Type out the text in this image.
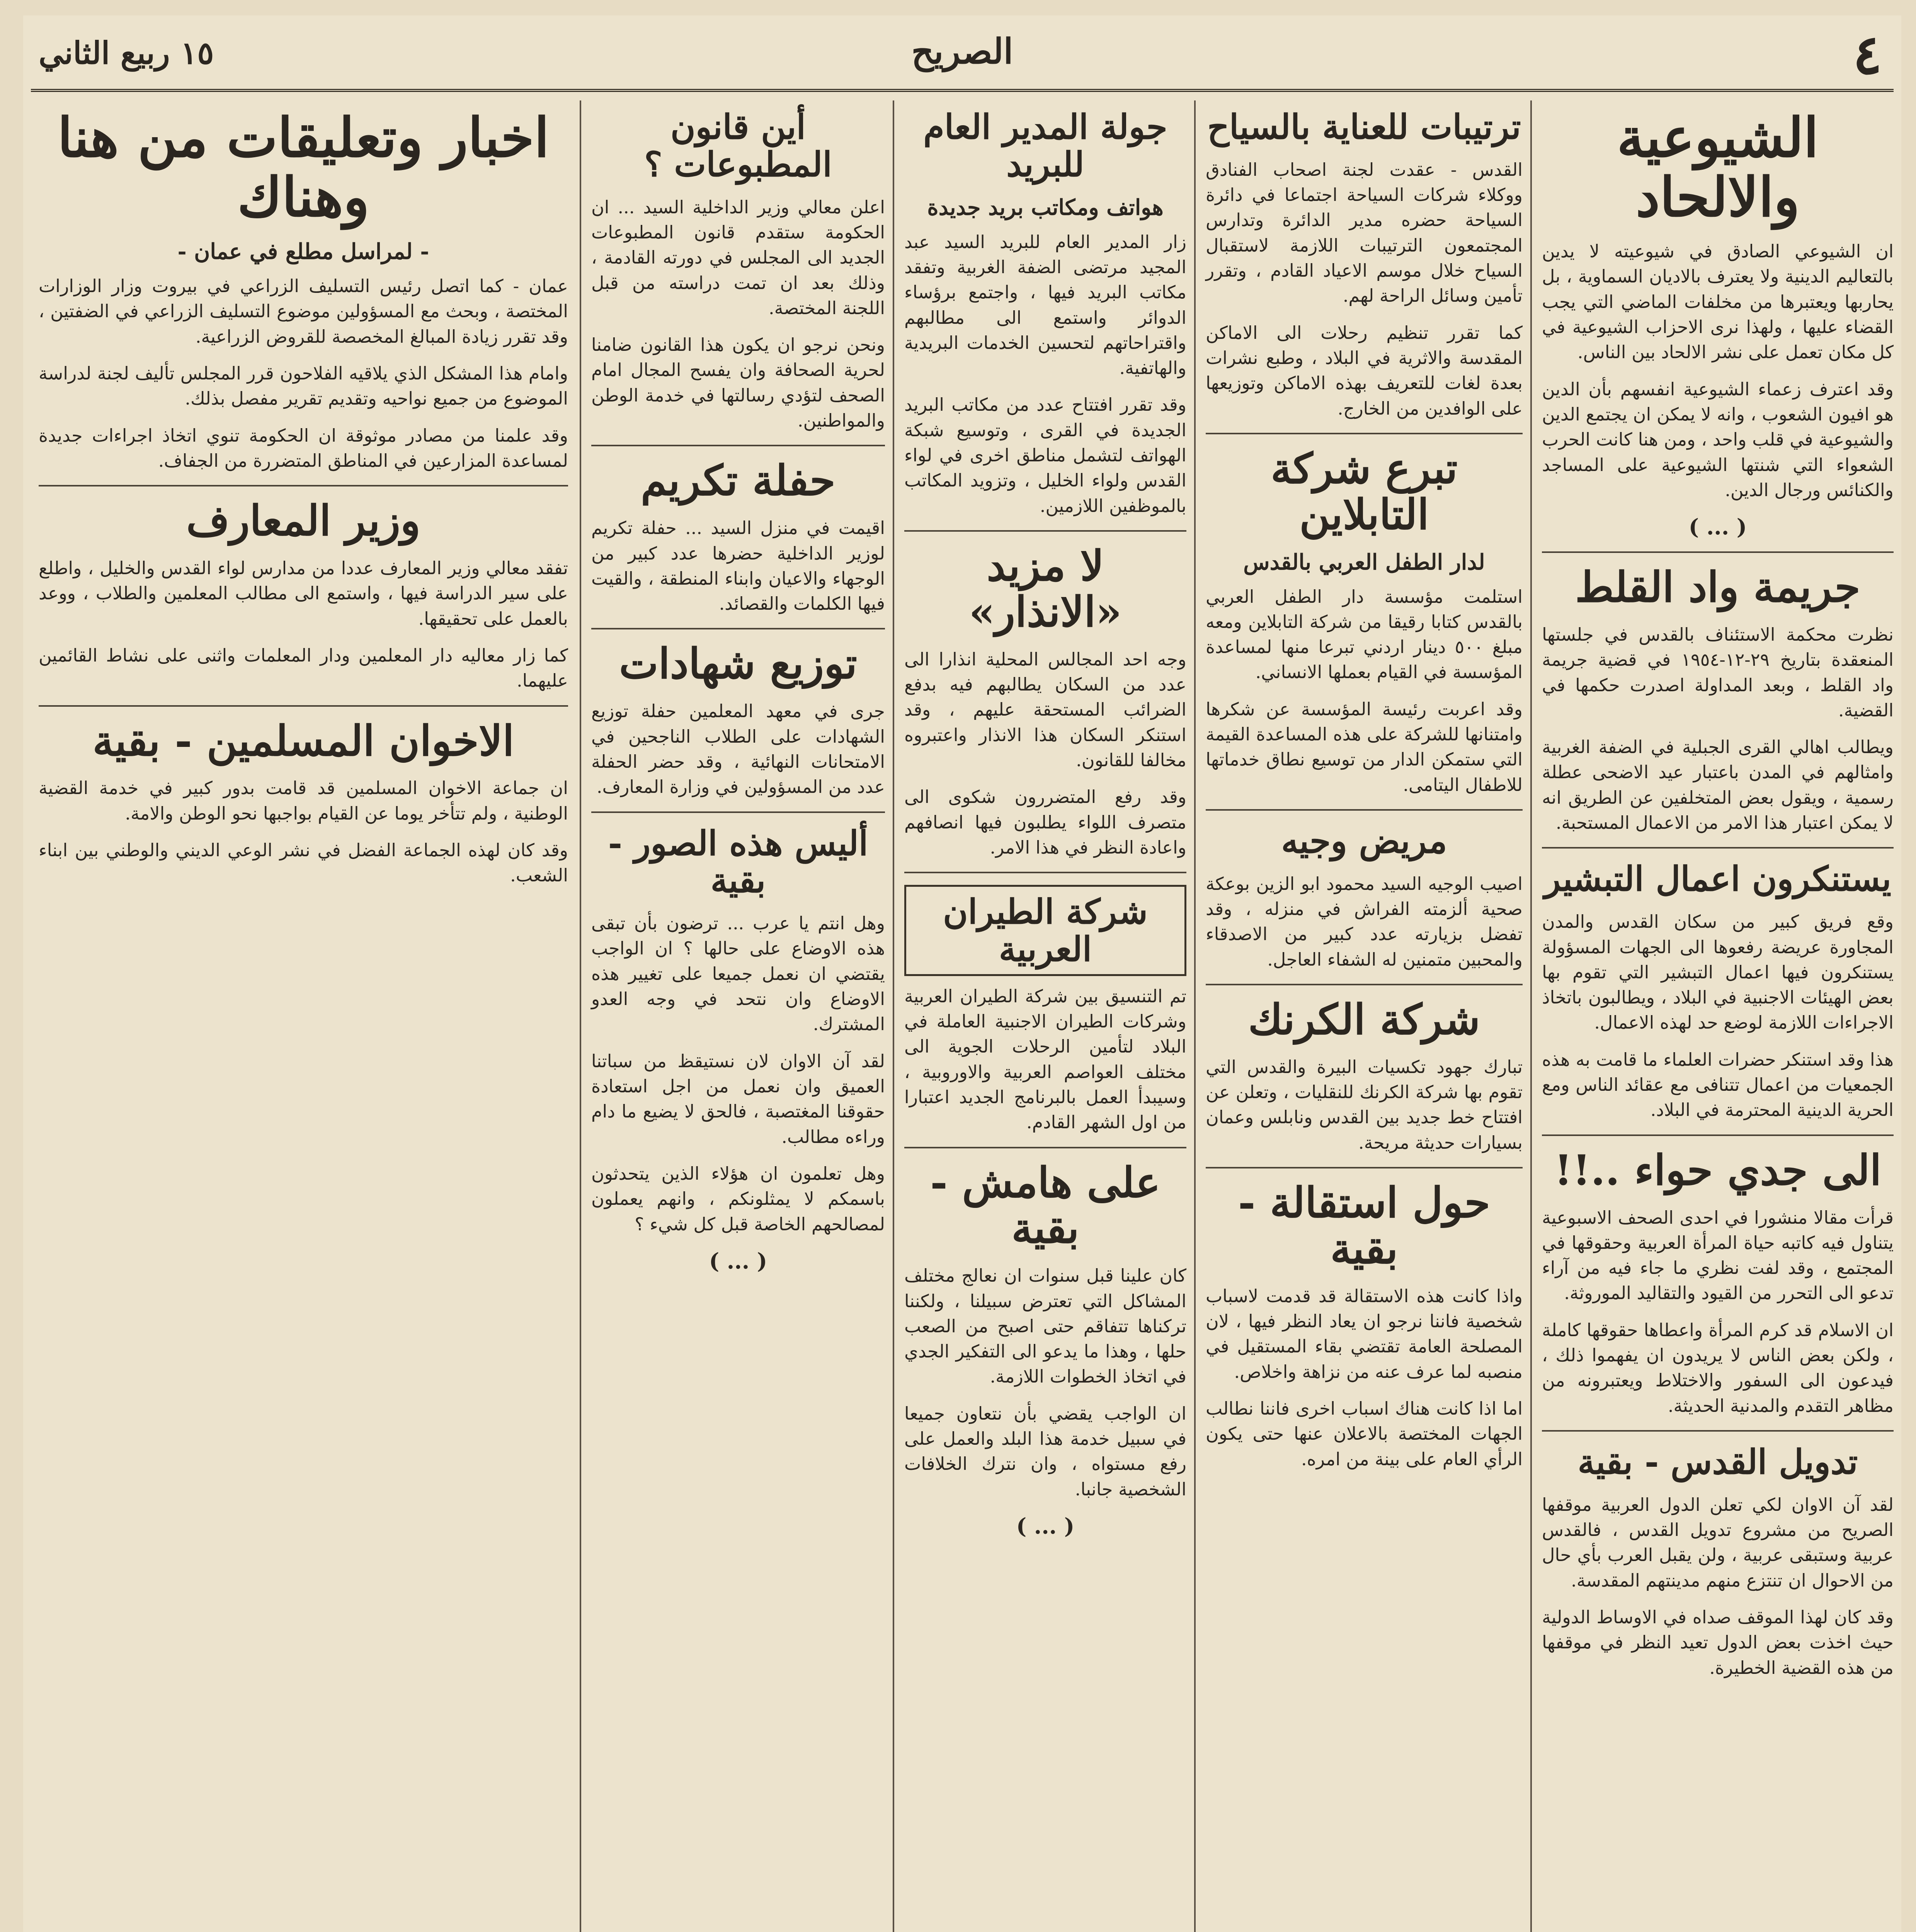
٤
الصريح
١٥ ربيع الثاني
الشيوعية والالحاد

ان الشيوعي الصادق في شيوعيته لا يدين بالتعاليم الدينية ولا يعترف بالاديان السماوية ، بل يحاربها ويعتبرها من مخلفات الماضي التي يجب القضاء عليها ، ولهذا نرى الاحزاب الشيوعية في كل مكان تعمل على نشر الالحاد بين الناس.

وقد اعترف زعماء الشيوعية انفسهم بأن الدين هو افيون الشعوب ، وانه لا يمكن ان يجتمع الدين والشيوعية في قلب واحد ، ومن هنا كانت الحرب الشعواء التي شنتها الشيوعية على المساجد والكنائس ورجال الدين.

( ... )
جريمة واد القلط

نظرت محكمة الاستئناف بالقدس في جلستها المنعقدة بتاريخ ٢٩-١٢-١٩٥٤ في قضية جريمة واد القلط ، وبعد المداولة اصدرت حكمها في القضية.

ويطالب اهالي القرى الجبلية في الضفة الغربية وامثالهم في المدن باعتبار عيد الاضحى عطلة رسمية ، ويقول بعض المتخلفين عن الطريق انه لا يمكن اعتبار هذا الامر من الاعمال المستحبة.

يستنكرون اعمال التبشير

وقع فريق كبير من سكان القدس والمدن المجاورة عريضة رفعوها الى الجهات المسؤولة يستنكرون فيها اعمال التبشير التي تقوم بها بعض الهيئات الاجنبية في البلاد ، ويطالبون باتخاذ الاجراءات اللازمة لوضع حد لهذه الاعمال.

هذا وقد استنكر حضرات العلماء ما قامت به هذه الجمعيات من اعمال تتنافى مع عقائد الناس ومع الحرية الدينية المحترمة في البلاد.

الى جدي حواء ..!!

قرأت مقالا منشورا في احدى الصحف الاسبوعية يتناول فيه كاتبه حياة المرأة العربية وحقوقها في المجتمع ، وقد لفت نظري ما جاء فيه من آراء تدعو الى التحرر من القيود والتقاليد الموروثة.

ان الاسلام قد كرم المرأة واعطاها حقوقها كاملة ، ولكن بعض الناس لا يريدون ان يفهموا ذلك ، فيدعون الى السفور والاختلاط ويعتبرونه من مظاهر التقدم والمدنية الحديثة.

تدويل القدس - بقية

لقد آن الاوان لكي تعلن الدول العربية موقفها الصريح من مشروع تدويل القدس ، فالقدس عربية وستبقى عربية ، ولن يقبل العرب بأي حال من الاحوال ان تنتزع منهم مدينتهم المقدسة.

وقد كان لهذا الموقف صداه في الاوساط الدولية حيث اخذت بعض الدول تعيد النظر في موقفها من هذه القضية الخطيرة.

ترتيبات للعناية بالسياح

القدس - عقدت لجنة اصحاب الفنادق ووكلاء شركات السياحة اجتماعا في دائرة السياحة حضره مدير الدائرة وتدارس المجتمعون الترتيبات اللازمة لاستقبال السياح خلال موسم الاعياد القادم ، وتقرر تأمين وسائل الراحة لهم.

كما تقرر تنظيم رحلات الى الاماكن المقدسة والاثرية في البلاد ، وطبع نشرات بعدة لغات للتعريف بهذه الاماكن وتوزيعها على الوافدين من الخارج.

تبرع شركة التابلاين
لدار الطفل العربي بالقدس

استلمت مؤسسة دار الطفل العربي بالقدس كتابا رقيقا من شركة التابلاين ومعه مبلغ ٥٠٠ دينار اردني تبرعا منها لمساعدة المؤسسة في القيام بعملها الانساني.

وقد اعربت رئيسة المؤسسة عن شكرها وامتنانها للشركة على هذه المساعدة القيمة التي ستمكن الدار من توسيع نطاق خدماتها للاطفال اليتامى.

مريض وجيه

اصيب الوجيه السيد محمود ابو الزين بوعكة صحية ألزمته الفراش في منزله ، وقد تفضل بزيارته عدد كبير من الاصدقاء والمحبين متمنين له الشفاء العاجل.

شركة الكرنك

تبارك جهود تكسيات البيرة والقدس التي تقوم بها شركة الكرنك للنقليات ، وتعلن عن افتتاح خط جديد بين القدس ونابلس وعمان بسيارات حديثة مريحة.

حول استقالة - بقية

واذا كانت هذه الاستقالة قد قدمت لاسباب شخصية فاننا نرجو ان يعاد النظر فيها ، لان المصلحة العامة تقتضي بقاء المستقيل في منصبه لما عرف عنه من نزاهة واخلاص.

اما اذا كانت هناك اسباب اخرى فاننا نطالب الجهات المختصة بالاعلان عنها حتى يكون الرأي العام على بينة من امره.

جولة المدير العام للبريد
هواتف ومكاتب بريد جديدة

زار المدير العام للبريد السيد عبد المجيد مرتضى الضفة الغربية وتفقد مكاتب البريد فيها ، واجتمع برؤساء الدوائر واستمع الى مطالبهم واقتراحاتهم لتحسين الخدمات البريدية والهاتفية.

وقد تقرر افتتاح عدد من مكاتب البريد الجديدة في القرى ، وتوسيع شبكة الهواتف لتشمل مناطق اخرى في لواء القدس ولواء الخليل ، وتزويد المكاتب بالموظفين اللازمين.

لا مزيد «الانذار»

وجه احد المجالس المحلية انذارا الى عدد من السكان يطالبهم فيه بدفع الضرائب المستحقة عليهم ، وقد استنكر السكان هذا الانذار واعتبروه مخالفا للقانون.

وقد رفع المتضررون شكوى الى متصرف اللواء يطلبون فيها انصافهم واعادة النظر في هذا الامر.

شركة الطيران العربية

تم التنسيق بين شركة الطيران العربية وشركات الطيران الاجنبية العاملة في البلاد لتأمين الرحلات الجوية الى مختلف العواصم العربية والاوروبية ، وسيبدأ العمل بالبرنامج الجديد اعتبارا من اول الشهر القادم.

على هامش - بقية

كان علينا قبل سنوات ان نعالج مختلف المشاكل التي تعترض سبيلنا ، ولكننا تركناها تتفاقم حتى اصبح من الصعب حلها ، وهذا ما يدعو الى التفكير الجدي في اتخاذ الخطوات اللازمة.

ان الواجب يقضي بأن نتعاون جميعا في سبيل خدمة هذا البلد والعمل على رفع مستواه ، وان نترك الخلافات الشخصية جانبا.

( ... )
أين قانون المطبوعات ؟

اعلن معالي وزير الداخلية السيد ... ان الحكومة ستقدم قانون المطبوعات الجديد الى المجلس في دورته القادمة ، وذلك بعد ان تمت دراسته من قبل اللجنة المختصة.

ونحن نرجو ان يكون هذا القانون ضامنا لحرية الصحافة وان يفسح المجال امام الصحف لتؤدي رسالتها في خدمة الوطن والمواطنين.

حفلة تكريم

اقيمت في منزل السيد ... حفلة تكريم لوزير الداخلية حضرها عدد كبير من الوجهاء والاعيان وابناء المنطقة ، والقيت فيها الكلمات والقصائد.

توزيع شهادات

جرى في معهد المعلمين حفلة توزيع الشهادات على الطلاب الناجحين في الامتحانات النهائية ، وقد حضر الحفلة عدد من المسؤولين في وزارة المعارف.

أليس هذه الصور - بقية

وهل انتم يا عرب ... ترضون بأن تبقى هذه الاوضاع على حالها ؟ ان الواجب يقتضي ان نعمل جميعا على تغيير هذه الاوضاع وان نتحد في وجه العدو المشترك.

لقد آن الاوان لان نستيقظ من سباتنا العميق وان نعمل من اجل استعادة حقوقنا المغتصبة ، فالحق لا يضيع ما دام وراءه مطالب.

وهل تعلمون ان هؤلاء الذين يتحدثون باسمكم لا يمثلونكم ، وانهم يعملون لمصالحهم الخاصة قبل كل شيء ؟

( ... )
اخبار وتعليقات من هنا وهناك
- لمراسل مطلع في عمان -

عمان - كما اتصل رئيس التسليف الزراعي في بيروت وزار الوزارات المختصة ، وبحث مع المسؤولين موضوع التسليف الزراعي في الضفتين ، وقد تقرر زيادة المبالغ المخصصة للقروض الزراعية.

وامام هذا المشكل الذي يلاقيه الفلاحون قرر المجلس تأليف لجنة لدراسة الموضوع من جميع نواحيه وتقديم تقرير مفصل بذلك.

وقد علمنا من مصادر موثوقة ان الحكومة تنوي اتخاذ اجراءات جديدة لمساعدة المزارعين في المناطق المتضررة من الجفاف.

وزير المعارف

تفقد معالي وزير المعارف عددا من مدارس لواء القدس والخليل ، واطلع على سير الدراسة فيها ، واستمع الى مطالب المعلمين والطلاب ، ووعد بالعمل على تحقيقها.

كما زار معاليه دار المعلمين ودار المعلمات واثنى على نشاط القائمين عليهما.

الاخوان المسلمين - بقية

ان جماعة الاخوان المسلمين قد قامت بدور كبير في خدمة القضية الوطنية ، ولم تتأخر يوما عن القيام بواجبها نحو الوطن والامة.

وقد كان لهذه الجماعة الفضل في نشر الوعي الديني والوطني بين ابناء الشعب.
